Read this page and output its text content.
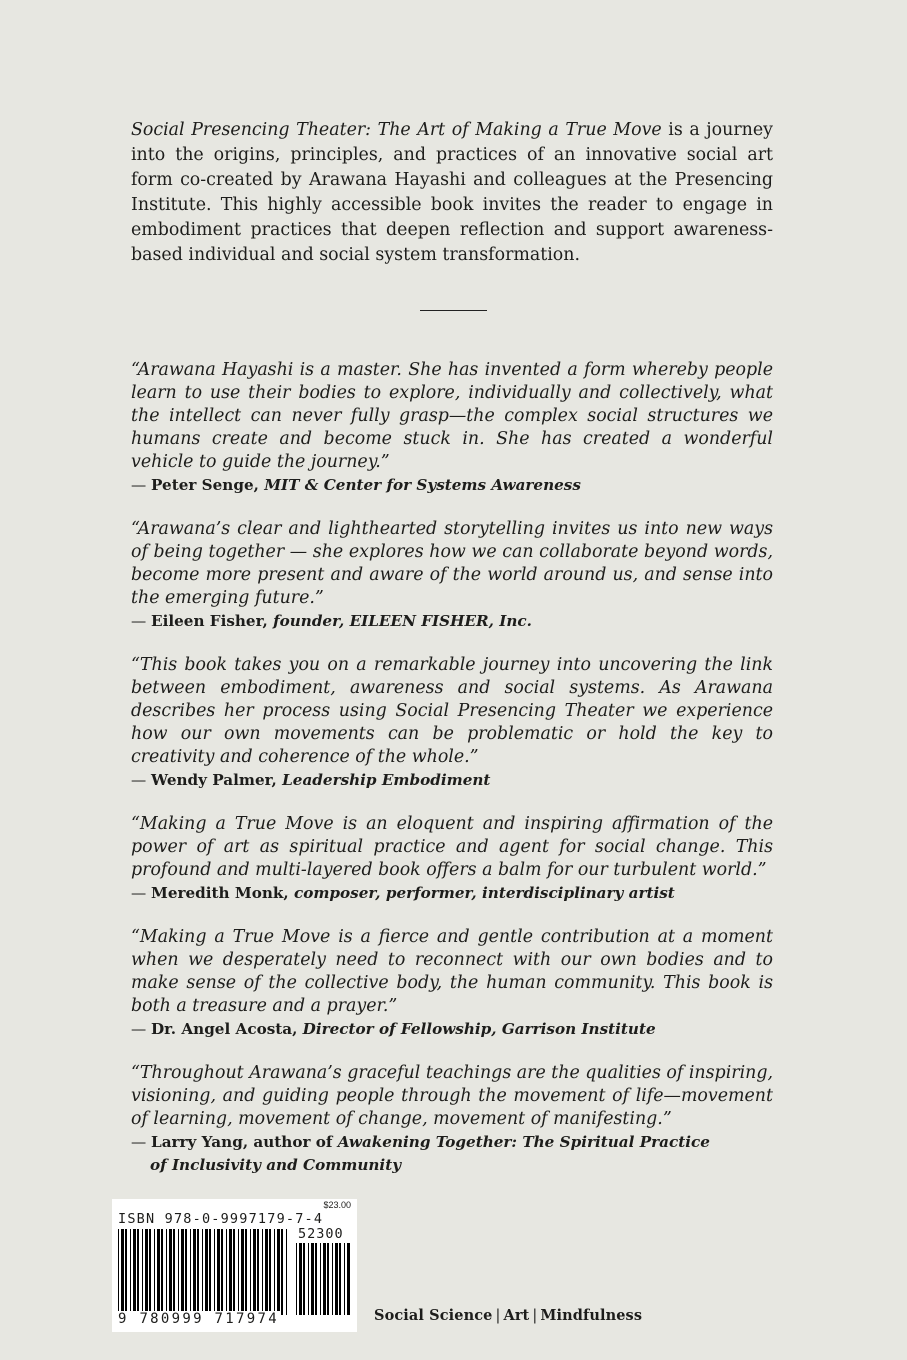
Social Presencing Theater: The Art of Making a True Move is a journey into the origins, principles, and practices of an innovative social art form co-created by Arawana Hayashi and colleagues at the Presencing Institute. This highly accessible book invites the reader to engage in embodiment practices that deepen reflection and support awareness-based individual and social system transformation.

“Arawana Hayashi is a master. She has invented a form whereby people learn to use their bodies to explore, individually and collectively, what the intellect can never fully grasp—the complex social structures we humans create and become stuck in. She has created a wonderful vehicle to guide the journey.”

— Peter Senge, MIT & Center for Systems Awareness

“Arawana’s clear and lighthearted storytelling invites us into new ways of being together — she explores how we can collaborate beyond words, become more present and aware of the world around us, and sense into the emerging future.”

— Eileen Fisher, founder, EILEEN FISHER, Inc.

“This book takes you on a remarkable journey into uncovering the link between embodiment, awareness and social systems. As Arawana describes her process using Social Presencing Theater we experience how our own movements can be problematic or hold the key to creativity and coherence of the whole.”

— Wendy Palmer, Leadership Embodiment

“Making a True Move is an eloquent and inspiring affirmation of the power of art as spiritual practice and agent for social change. This profound and multi-layered book offers a balm for our turbulent world.”

— Meredith Monk, composer, performer, interdisciplinary artist

“Making a True Move is a fierce and gentle contribution at a moment when we desperately need to reconnect with our own bodies and to make sense of the collective body, the human community. This book is both a treasure and a prayer.”

— Dr. Angel Acosta, Director of Fellowship, Garrison Institute

“Throughout Arawana’s graceful teachings are the qualities of inspiring, visioning, and guiding people through the movement of life—movement of learning, movement of change, movement of manifesting.”

— Larry Yang, author of Awakening Together: The Spiritual Practice
of Inclusivity and Community

$23.00
ISBN 978-0-9997179-7-4
52300
9 780999 717974	Social Science | Art | Mindfulness
